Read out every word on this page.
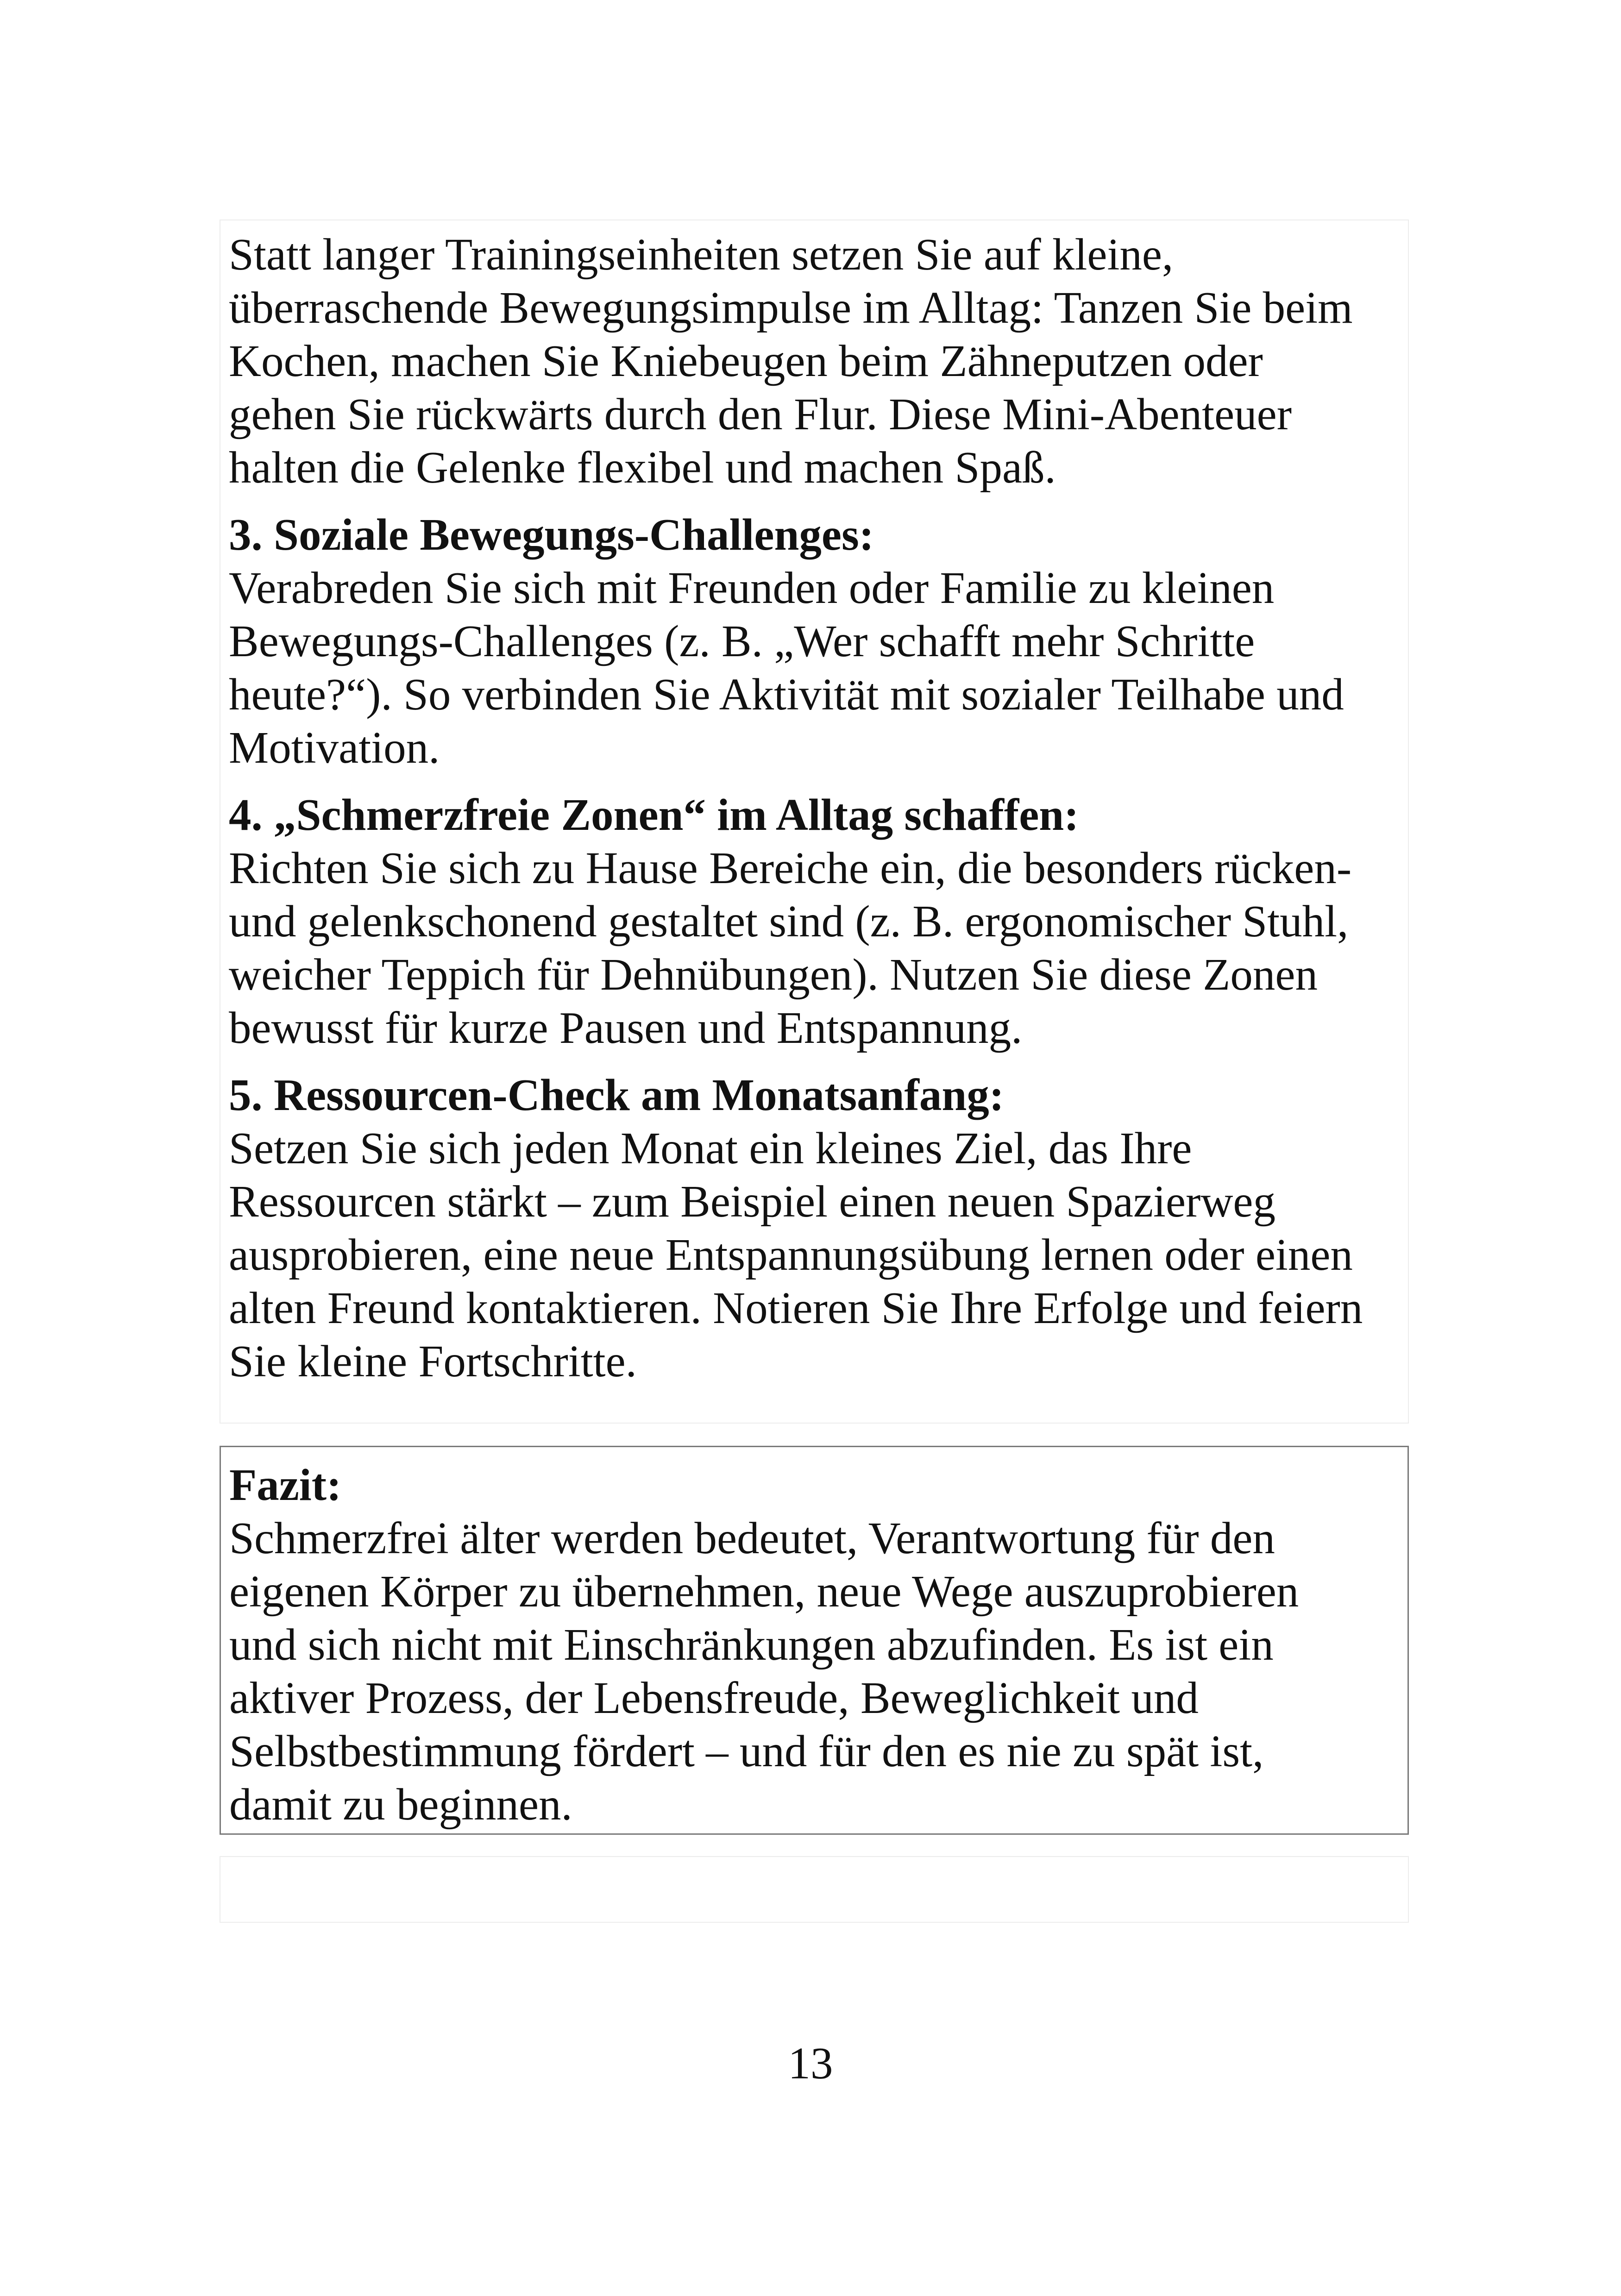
Statt langer Trainingseinheiten setzen Sie auf kleine,
überraschende Bewegungsimpulse im Alltag: Tanzen Sie beim
Kochen, machen Sie Kniebeugen beim Zähneputzen oder
gehen Sie rückwärts durch den Flur. Diese Mini-Abenteuer
halten die Gelenke flexibel und machen Spaß.
3. Soziale Bewegungs-Challenges:
Verabreden Sie sich mit Freunden oder Familie zu kleinen
Bewegungs-Challenges (z. B. „Wer schafft mehr Schritte
heute?“). So verbinden Sie Aktivität mit sozialer Teilhabe und
Motivation.
4. „Schmerzfreie Zonen“ im Alltag schaffen:
Richten Sie sich zu Hause Bereiche ein, die besonders rücken-
und gelenkschonend gestaltet sind (z. B. ergonomischer Stuhl,
weicher Teppich für Dehnübungen). Nutzen Sie diese Zonen
bewusst für kurze Pausen und Entspannung.
5. Ressourcen-Check am Monatsanfang:
Setzen Sie sich jeden Monat ein kleines Ziel, das Ihre
Ressourcen stärkt – zum Beispiel einen neuen Spazierweg
ausprobieren, eine neue Entspannungsübung lernen oder einen
alten Freund kontaktieren. Notieren Sie Ihre Erfolge und feiern
Sie kleine Fortschritte.
Fazit:
Schmerzfrei älter werden bedeutet, Verantwortung für den
eigenen Körper zu übernehmen, neue Wege auszuprobieren
und sich nicht mit Einschränkungen abzufinden. Es ist ein
aktiver Prozess, der Lebensfreude, Beweglichkeit und
Selbstbestimmung fördert – und für den es nie zu spät ist,
damit zu beginnen.
13
